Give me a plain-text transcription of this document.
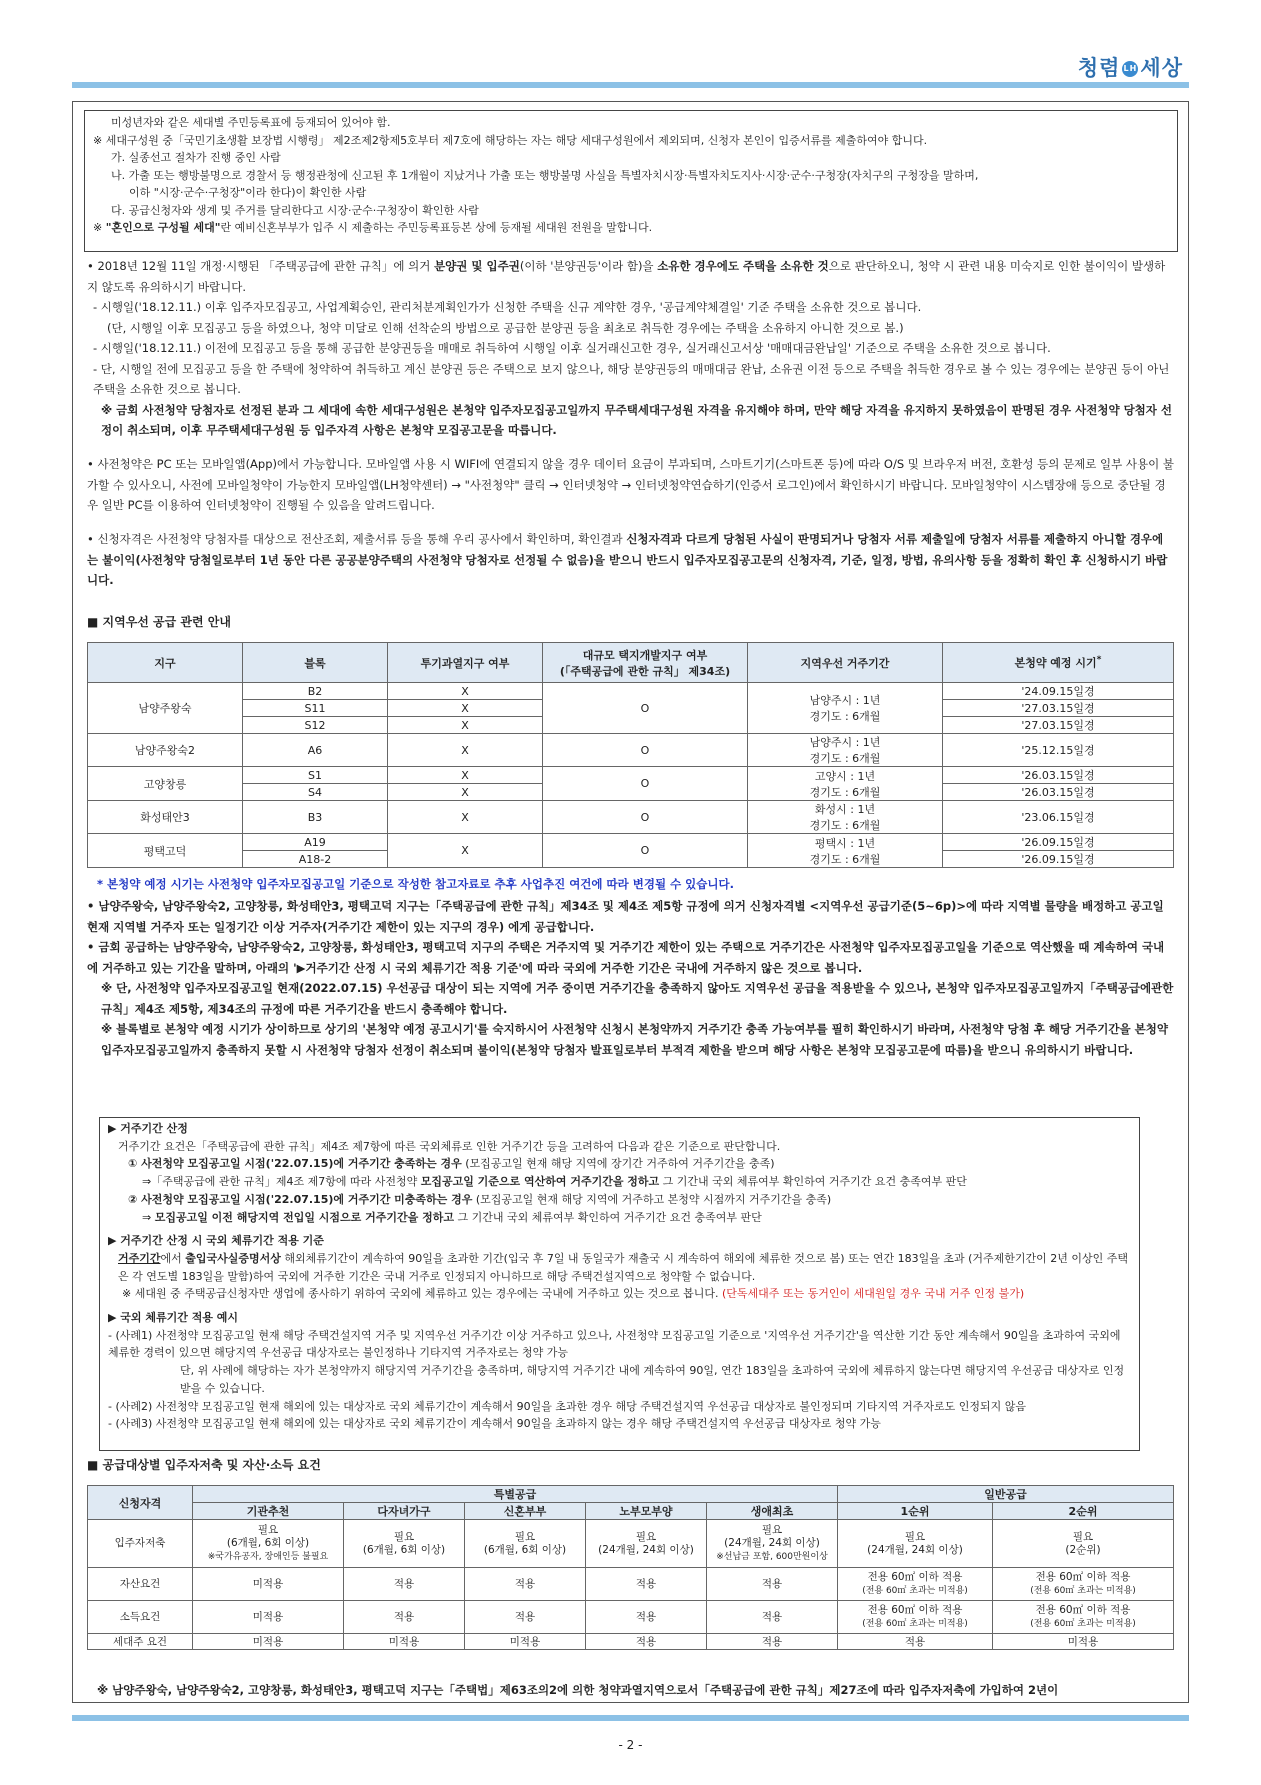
청렴 LH 세상

미성년자와 같은 세대별 주민등록표에 등재되어 있어야 함.

※ 세대구성원 중「국민기초생활 보장법 시행령」 제2조제2항제5호부터 제7호에 해당하는 자는 해당 세대구성원에서 제외되며, 신청자 본인이 입증서류를 제출하여야 합니다.

가. 실종선고 절차가 진행 중인 사람

나. 가출 또는 행방불명으로 경찰서 등 행정관청에 신고된 후 1개월이 지났거나 가출 또는 행방불명 사실을 특별자치시장·특별자치도지사·시장·군수·구청장(자치구의 구청장을 말하며,

이하 "시장·군수·구청장"이라 한다)이 확인한 사람

다. 공급신청자와 생계 및 주거를 달리한다고 시장·군수·구청장이 확인한 사람

※ "혼인으로 구성될 세대"란 예비신혼부부가 입주 시 제출하는 주민등록표등본 상에 등재될 세대원 전원을 말합니다.

• 2018년 12월 11일 개정·시행된 「주택공급에 관한 규칙」에 의거 분양권 및 입주권(이하 '분양권등'이라 함)을 소유한 경우에도 주택을 소유한 것으로 판단하오니, 청약 시 관련 내용 미숙지로 인한 불이익이 발생하지 않도록 유의하시기 바랍니다.

- 시행일('18.12.11.) 이후 입주자모집공고, 사업계획승인, 관리처분계획인가가 신청한 주택을 신규 계약한 경우, '공급계약체결일' 기준 주택을 소유한 것으로 봅니다.

(단, 시행일 이후 모집공고 등을 하였으나, 청약 미달로 인해 선착순의 방법으로 공급한 분양권 등을 최초로 취득한 경우에는 주택을 소유하지 아니한 것으로 봄.)

- 시행일('18.12.11.) 이전에 모집공고 등을 통해 공급한 분양권등을 매매로 취득하여 시행일 이후 실거래신고한 경우, 실거래신고서상 '매매대금완납일' 기준으로 주택을 소유한 것으로 봅니다.

- 단, 시행일 전에 모집공고 등을 한 주택에 청약하여 취득하고 계신 분양권 등은 주택으로 보지 않으나, 해당 분양권등의 매매대금 완납, 소유권 이전 등으로 주택을 취득한 경우로 볼 수 있는 경우에는 분양권 등이 아닌 주택을 소유한 것으로 봅니다.

※ 금회 사전청약 당첨자로 선정된 분과 그 세대에 속한 세대구성원은 본청약 입주자모집공고일까지 무주택세대구성원 자격을 유지해야 하며, 만약 해당 자격을 유지하지 못하였음이 판명된 경우 사전청약 당첨자 선정이 취소되며, 이후 무주택세대구성원 등 입주자격 사항은 본청약 모집공고문을 따릅니다.

• 사전청약은 PC 또는 모바일앱(App)에서 가능합니다. 모바일앱 사용 시 WIFI에 연결되지 않을 경우 데이터 요금이 부과되며, 스마트기기(스마트폰 등)에 따라 O/S 및 브라우저 버전, 호환성 등의 문제로 일부 사용이 불가할 수 있사오니, 사전에 모바일청약이 가능한지 모바일앱(LH청약센터) → "사전청약" 클릭 → 인터넷청약 → 인터넷청약연습하기(인증서 로그인)에서 확인하시기 바랍니다. 모바일청약이 시스템장애 등으로 중단될 경우 일반 PC를 이용하여 인터넷청약이 진행될 수 있음을 알려드립니다.

• 신청자격은 사전청약 당첨자를 대상으로 전산조회, 제출서류 등을 통해 우리 공사에서 확인하며, 확인결과 신청자격과 다르게 당첨된 사실이 판명되거나 당첨자 서류 제출일에 당첨자 서류를 제출하지 아니할 경우에는 불이익(사전청약 당첨일로부터 1년 동안 다른 공공분양주택의 사전청약 당첨자로 선정될 수 없음)을 받으니 반드시 입주자모집공고문의 신청자격, 기준, 일정, 방법, 유의사항 등을 정확히 확인 후 신청하시기 바랍니다.

■ 지역우선 공급 관련 안내

지구	블록	투기과열지구 여부	대규모 택지개발지구 여부
(「주택공급에 관한 규칙」 제34조)	지역우선 거주기간	본청약 예정 시기*
남양주왕숙	B2	X	O	남양주시 : 1년
경기도 : 6개월	'24.09.15일경
	S11	X			'27.03.15일경
	S12	X			'27.03.15일경
남양주왕숙2	A6	X	O	남양주시 : 1년
경기도 : 6개월	'25.12.15일경
고양창릉	S1	X	O	고양시 : 1년
경기도 : 6개월	'26.03.15일경
	S4	X			'26.03.15일경
화성태안3	B3	X	O	화성시 : 1년
경기도 : 6개월	'23.06.15일경
평택고덕	A19	X	O	평택시 : 1년
경기도 : 6개월	'26.09.15일경
	A18-2				'26.09.15일경

* 본청약 예정 시기는 사전청약 입주자모집공고일 기준으로 작성한 참고자료로 추후 사업추진 여건에 따라 변경될 수 있습니다.

• 남양주왕숙, 남양주왕숙2, 고양창릉, 화성태안3, 평택고덕 지구는「주택공급에 관한 규칙」제34조 및 제4조 제5항 규정에 의거 신청자격별 <지역우선 공급기준(5~6p)>에 따라 지역별 물량을 배정하고 공고일 현재 지역별 거주자 또는 일정기간 이상 거주자(거주기간 제한이 있는 지구의 경우) 에게 공급합니다.

• 금회 공급하는 남양주왕숙, 남양주왕숙2, 고양창릉, 화성태안3, 평택고덕 지구의 주택은 거주지역 및 거주기간 제한이 있는 주택으로 거주기간은 사전청약 입주자모집공고일을 기준으로 역산했을 때 계속하여 국내에 거주하고 있는 기간을 말하며, 아래의 '▶거주기간 산정 시 국외 체류기간 적용 기준'에 따라 국외에 거주한 기간은 국내에 거주하지 않은 것으로 봅니다.

※ 단, 사전청약 입주자모집공고일 현재(2022.07.15) 우선공급 대상이 되는 지역에 거주 중이면 거주기간을 충족하지 않아도 지역우선 공급을 적용받을 수 있으나, 본청약 입주자모집공고일까지「주택공급에관한규칙」제4조 제5항, 제34조의 규정에 따른 거주기간을 반드시 충족해야 합니다.

※ 블록별로 본청약 예정 시기가 상이하므로 상기의 '본청약 예정 공고시기'를 숙지하시어 사전청약 신청시 본청약까지 거주기간 충족 가능여부를 필히 확인하시기 바라며, 사전청약 당첨 후 해당 거주기간을 본청약 입주자모집공고일까지 충족하지 못할 시 사전청약 당첨자 선정이 취소되며 불이익(본청약 당첨자 발표일로부터 부적격 제한을 받으며 해당 사항은 본청약 모집공고문에 따름)을 받으니 유의하시기 바랍니다.

▶ 거주기간 산정

거주기간 요건은「주택공급에 관한 규칙」제4조 제7항에 따른 국외체류로 인한 거주기간 등을 고려하여 다음과 같은 기준으로 판단합니다.

① 사전청약 모집공고일 시점('22.07.15)에 거주기간 충족하는 경우 (모집공고일 현재 해당 지역에 장기간 거주하여 거주기간을 충족)

⇒「주택공급에 관한 규칙」제4조 제7항에 따라 사전청약 모집공고일 기준으로 역산하여 거주기간을 정하고 그 기간내 국외 체류여부 확인하여 거주기간 요건 충족여부 판단

② 사전청약 모집공고일 시점('22.07.15)에 거주기간 미충족하는 경우 (모집공고일 현재 해당 지역에 거주하고 본청약 시점까지 거주기간을 충족)

⇒ 모집공고일 이전 해당지역 전입일 시점으로 거주기간을 정하고 그 기간내 국외 체류여부 확인하여 거주기간 요건 충족여부 판단

▶ 거주기간 산정 시 국외 체류기간 적용 기준

거주기간에서 출입국사실증명서상 해외체류기간이 계속하여 90일을 초과한 기간(입국 후 7일 내 동일국가 재출국 시 계속하여 해외에 체류한 것으로 봄) 또는 연간 183일을 초과 (거주제한기간이 2년 이상인 주택은 각 연도별 183일을 말함)하여 국외에 거주한 기간은 국내 거주로 인정되지 아니하므로 해당 주택건설지역으로 청약할 수 없습니다.

※ 세대원 중 주택공급신청자만 생업에 종사하기 위하여 국외에 체류하고 있는 경우에는 국내에 거주하고 있는 것으로 봅니다. (단독세대주 또는 동거인이 세대원일 경우 국내 거주 인정 불가)

▶ 국외 체류기간 적용 예시

- (사례1) 사전청약 모집공고일 현재 해당 주택건설지역 거주 및 지역우선 거주기간 이상 거주하고 있으나, 사전청약 모집공고일 기준으로 '지역우선 거주기간'을 역산한 기간 동안 계속해서 90일을 초과하여 국외에 체류한 경력이 있으면 해당지역 우선공급 대상자로는 불인정하나 기타지역 거주자로는 청약 가능

단, 위 사례에 해당하는 자가 본청약까지 해당지역 거주기간을 충족하며, 해당지역 거주기간 내에 계속하여 90일, 연간 183일을 초과하여 국외에 체류하지 않는다면 해당지역 우선공급 대상자로 인정받을 수 있습니다.

- (사례2) 사전청약 모집공고일 현재 해외에 있는 대상자로 국외 체류기간이 계속해서 90일을 초과한 경우 해당 주택건설지역 우선공급 대상자로 불인정되며 기타지역 거주자로도 인정되지 않음

- (사례3) 사전청약 모집공고일 현재 해외에 있는 대상자로 국외 체류기간이 계속해서 90일을 초과하지 않는 경우 해당 주택건설지역 우선공급 대상자로 청약 가능

■ 공급대상별 입주자저축 및 자산·소득 요건

신청자격	특별공급					일반공급	
	기관추천	다자녀가구	신혼부부	노부모부양	생애최초	1순위	2순위
입주자저축	필요
(6개월, 6회 이상)
※국가유공자, 장애인등 불필요	필요
(6개월, 6회 이상)	필요
(6개월, 6회 이상)	필요
(24개월, 24회 이상)	필요
(24개월, 24회 이상)
※선납금 포함, 600만원이상	필요
(24개월, 24회 이상)	필요
(2순위)
자산요건	미적용	적용	적용	적용	적용	전용 60㎡ 이하 적용
(전용 60㎡ 초과는 미적용)	전용 60㎡ 이하 적용
(전용 60㎡ 초과는 미적용)
소득요건	미적용	적용	적용	적용	적용	전용 60㎡ 이하 적용
(전용 60㎡ 초과는 미적용)	전용 60㎡ 이하 적용
(전용 60㎡ 초과는 미적용)
세대주 요건	미적용	미적용	미적용	적용	적용	적용	미적용

※ 남양주왕숙, 남양주왕숙2, 고양창릉, 화성태안3, 평택고덕 지구는「주택법」제63조의2에 의한 청약과열지역으로서「주택공급에 관한 규칙」제27조에 따라 입주자저축에 가입하여 2년이

- 2 -
